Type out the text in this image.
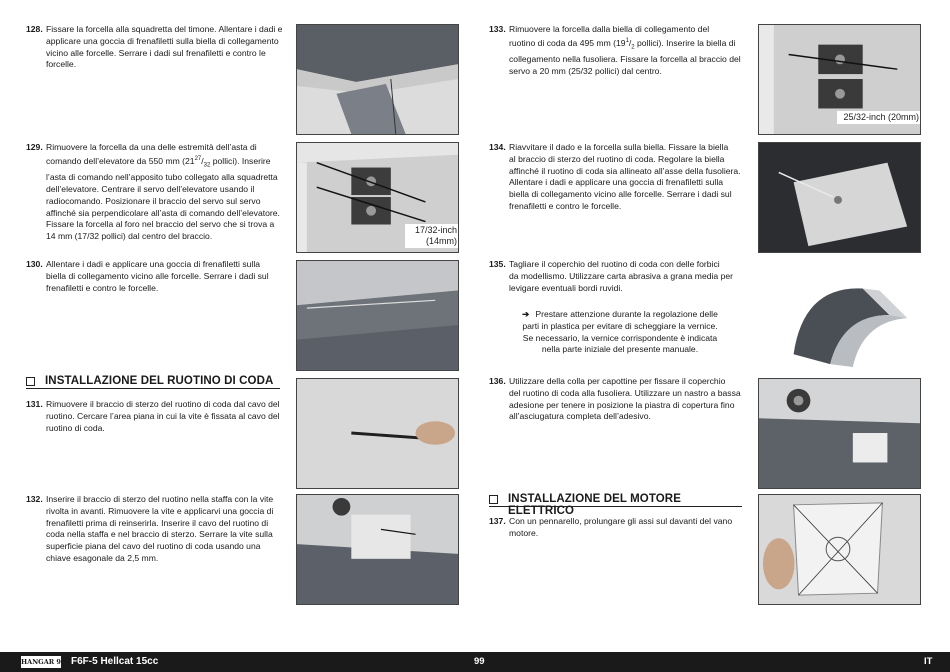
128. Fissare la forcella alla squadretta del timone. Allentare i dadi e
applicare una goccia di frenafiletti sulla biella di collegamento
vicino alle forcelle. Serrare i dadi sul frenafiletti e contro le
forcelle.
129. Rimuovere la forcella da una delle estremità dell’asta di
comando dell’elevatore da 550 mm ($21^{27}/_{32}$ pollici). Inserire
l’asta di comando nell’apposito tubo collegato alla squadretta
dell’elevatore. Centrare il servo dell’elevatore usando il
radiocomando. Posizionare il braccio del servo sul servo
affinché sia perpendicolare all’asta di comando dell’elevatore.
Fissare la forcella al foro nel braccio del servo che si trova a
14 mm (17/32 pollici) dal centro del braccio.
17/32-inch
(14mm)
130. Allentare i dadi e applicare una goccia di frenafiletti sulla
biella di collegamento vicino alle forcelle. Serrare i dadi sul
frenafiletti e contro le forcelle.
INSTALLAZIONE DEL RUOTINO DI CODA
131. Rimuovere il braccio di sterzo del ruotino di coda dal cavo del
ruotino. Cercare l’area piana in cui la vite è fissata al cavo del
ruotino di coda.
132. Inserire il braccio di sterzo del ruotino nella staffa con la vite
rivolta in avanti. Rimuovere la vite e applicarvi una goccia di
frenafiletti prima di reinserirla. Inserire il cavo del ruotino di
coda nella staffa e nel braccio di sterzo. Serrare la vite sulla
superficie piana del cavo del ruotino di coda usando una
chiave esagonale da 2,5 mm.
133. Rimuovere la forcella dalla biella di collegamento del
ruotino di coda da 495 mm ($19^1/_2$ pollici). Inserire la biella di
collegamento nella fusoliera. Fissare la forcella al braccio del
servo a 20 mm (25/32 pollici) dal centro.
25/32-inch (20mm)
134. Riavvitare il dado e la forcella sulla biella. Fissare la biella
al braccio di sterzo del ruotino di coda. Regolare la biella
affinché il ruotino di coda sia allineato all’asse della fusoliera.
Allentare i dadi e applicare una goccia di frenafiletti sulla
biella di collegamento vicino alle forcelle. Serrare i dadi sul
frenafiletti e contro le forcelle.
135. Tagliare il coperchio del ruotino di coda con delle forbici
da modellismo. Utilizzare carta abrasiva a grana media per
levigare eventuali bordi ruvidi.
➔ Prestare attenzione durante la regolazione delle
parti in plastica per evitare di scheggiare la vernice.
Se necessario, la vernice corrispondente è indicata
nella parte iniziale del presente manuale.
136. Utilizzare della colla per capottine per fissare il coperchio
del ruotino di coda alla fusoliera. Utilizzare un nastro a bassa
adesione per tenere in posizione la piastra di copertura fino
all’asciugatura completa dell’adesivo.
INSTALLAZIONE DEL MOTORE ELETTRICO
137. Con un pennarello, prolungare gli assi sul davanti del vano
motore.
HANGAR 9 F6F-5 Hellcat 15cc	99	IT
